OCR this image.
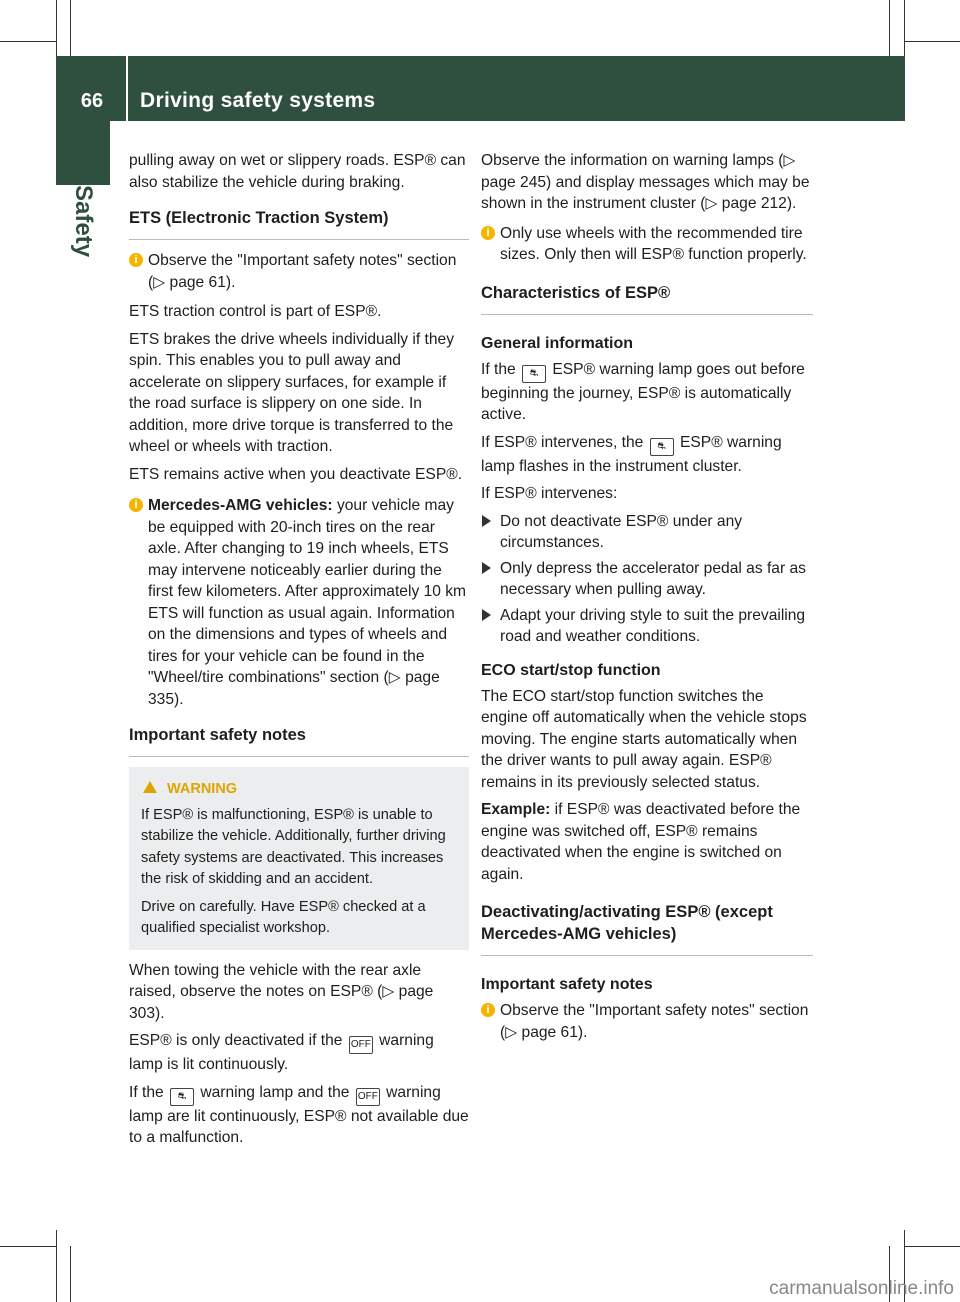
66	Driving safety systems
Safety

pulling away on wet or slippery roads. ESP® can also stabilize the vehicle during braking.

ETS (Electronic Traction System)
i Observe the "Important safety notes" section (▷ page 61).

ETS traction control is part of ESP®.

ETS brakes the drive wheels individually if they spin. This enables you to pull away and accelerate on slippery surfaces, for example if the road surface is slippery on one side. In addition, more drive torque is transferred to the wheel or wheels with traction.

ETS remains active when you deactivate ESP®.

i Mercedes-AMG vehicles: your vehicle may be equipped with 20-inch tires on the rear axle. After changing to 19 inch wheels, ETS may intervene noticeably earlier during the first few kilometers. After approximately 10 km ETS will function as usual again. Information on the dimensions and types of wheels and tires for your vehicle can be found in the "Wheel/tire combinations" section (▷ page 335).
Important safety notes
WARNING

If ESP® is malfunctioning, ESP® is unable to stabilize the vehicle. Additionally, further driving safety systems are deactivated. This increases the risk of skidding and an accident.

Drive on carefully. Have ESP® checked at a qualified specialist workshop.

When towing the vehicle with the rear axle raised, observe the notes on ESP® (▷ page 303).

ESP® is only deactivated if the OFF warning lamp is lit continuously.

If the ⛐ warning lamp and the OFF warning lamp are lit continuously, ESP® not available due to a malfunction.

Observe the information on warning lamps (▷ page 245) and display messages which may be shown in the instrument cluster (▷ page 212).

i Only use wheels with the recommended tire sizes. Only then will ESP® function properly.
Characteristics of ESP®
General information

If the ⛐ ESP® warning lamp goes out before beginning the journey, ESP® is automatically active.

If ESP® intervenes, the ⛐ ESP® warning lamp flashes in the instrument cluster.

If ESP® intervenes:

Do not deactivate ESP® under any circumstances.
Only depress the accelerator pedal as far as necessary when pulling away.
Adapt your driving style to suit the prevailing road and weather conditions.
ECO start/stop function

The ECO start/stop function switches the engine off automatically when the vehicle stops moving. The engine starts automatically when the driver wants to pull away again. ESP® remains in its previously selected status.

Example: if ESP® was deactivated before the engine was switched off, ESP® remains deactivated when the engine is switched on again.

Deactivating/activating ESP® (except Mercedes-AMG vehicles)
Important safety notes
i Observe the "Important safety notes" section (▷ page 61).
carmanualsonline.info
